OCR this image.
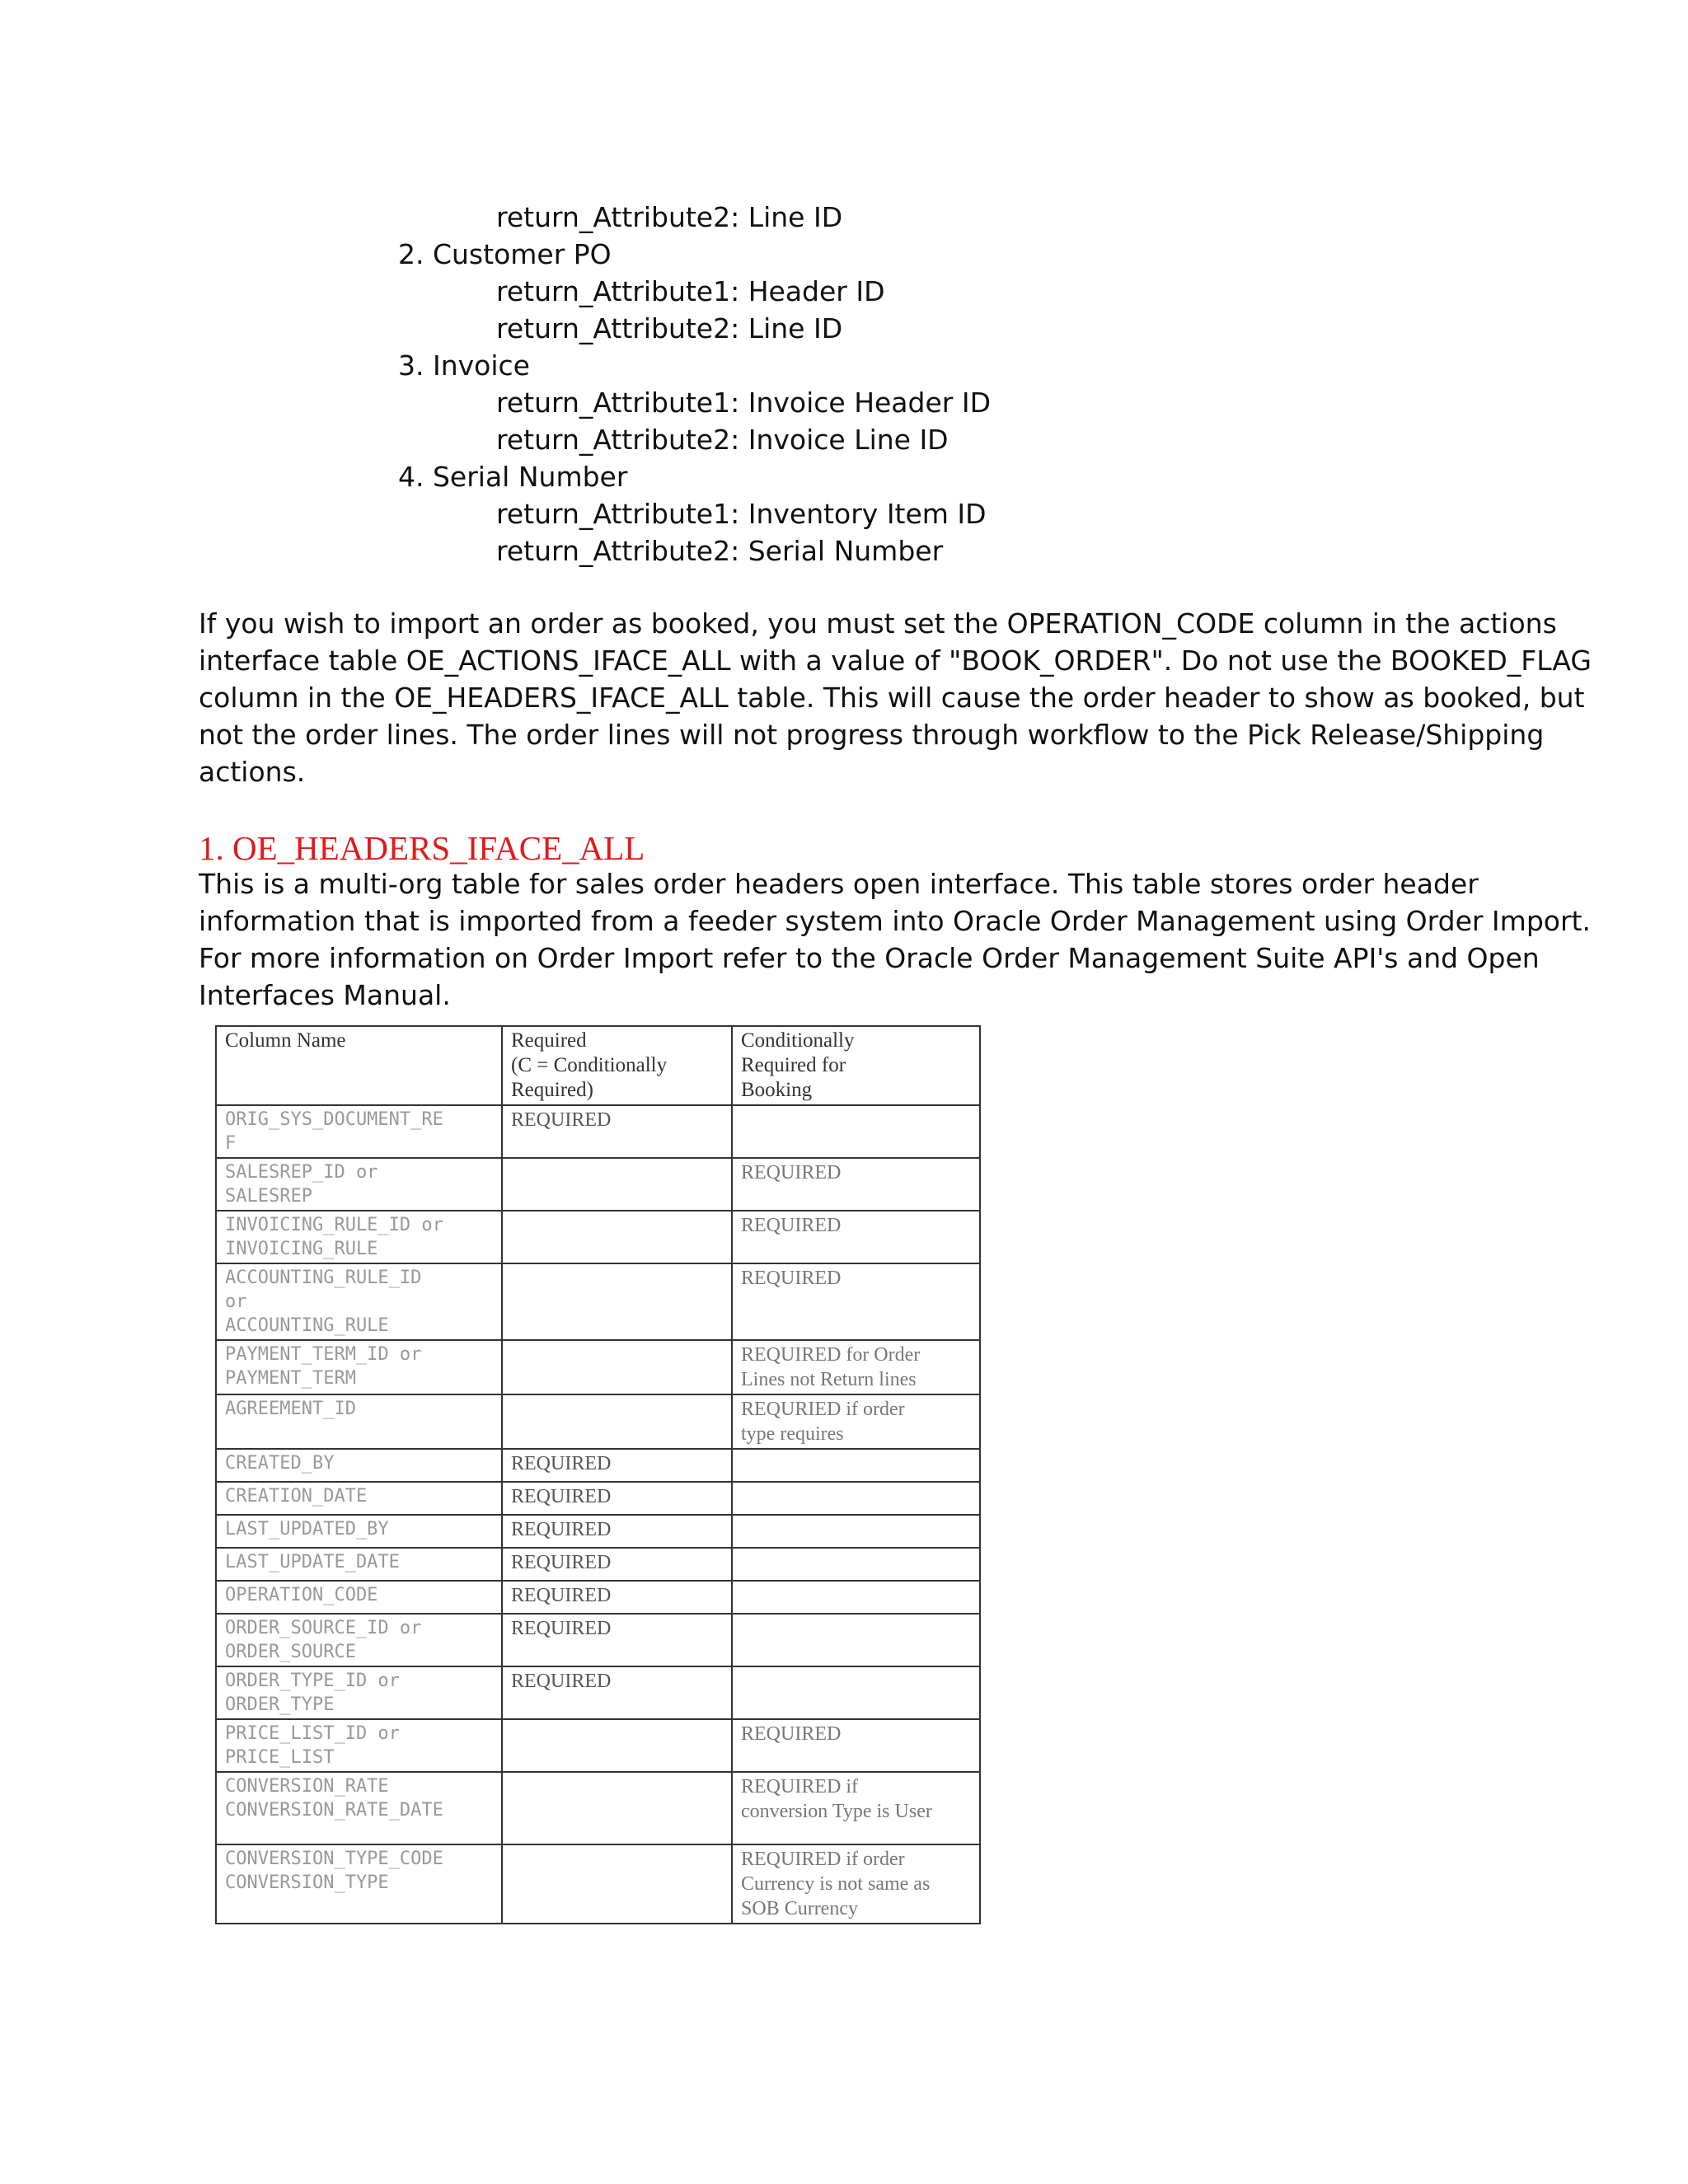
return_Attribute2: Line ID
2. Customer PO
return_Attribute1: Header ID
return_Attribute2: Line ID
3. Invoice
return_Attribute1: Invoice Header ID
return_Attribute2: Invoice Line ID
4. Serial Number
return_Attribute1: Inventory Item ID
return_Attribute2: Serial Number
If you wish to import an order as booked, you must set the OPERATION_CODE column in the actions
interface table OE_ACTIONS_IFACE_ALL with a value of "BOOK_ORDER". Do not use the BOOKED_FLAG
column in the OE_HEADERS_IFACE_ALL table. This will cause the order header to show as booked, but
not the order lines. The order lines will not progress through workflow to the Pick Release/Shipping
actions.
1. OE_HEADERS_IFACE_ALL
This is a multi-org table for sales order headers open interface. This table stores order header
information that is imported from a feeder system into Oracle Order Management using Order Import.
For more information on Order Import refer to the Oracle Order Management Suite API's and Open
Interfaces Manual.
Column Name	Required
(C = Conditionally
Required)	Conditionally
Required for
Booking

ORIG_SYS_DOCUMENT_RE
F	REQUIRED	

SALESREP_ID or
SALESREP		REQUIRED

INVOICING_RULE_ID or
INVOICING_RULE		REQUIRED

ACCOUNTING_RULE_ID
or
ACCOUNTING_RULE		REQUIRED

PAYMENT_TERM_ID or
PAYMENT_TERM		REQUIRED for Order
Lines not Return lines

AGREEMENT_ID		REQURIED if order
type requires

CREATED_BY	REQUIRED	

CREATION_DATE	REQUIRED	

LAST_UPDATED_BY	REQUIRED	

LAST_UPDATE_DATE	REQUIRED	

OPERATION_CODE	REQUIRED	

ORDER_SOURCE_ID or
ORDER_SOURCE	REQUIRED	

ORDER_TYPE_ID or
ORDER_TYPE	REQUIRED	

PRICE_LIST_ID or
PRICE_LIST		REQUIRED

CONVERSION_RATE
CONVERSION_RATE_DATE		REQUIRED if
conversion Type is User

CONVERSION_TYPE_CODE
CONVERSION_TYPE		REQUIRED if order
Currency is not same as
SOB Currency
